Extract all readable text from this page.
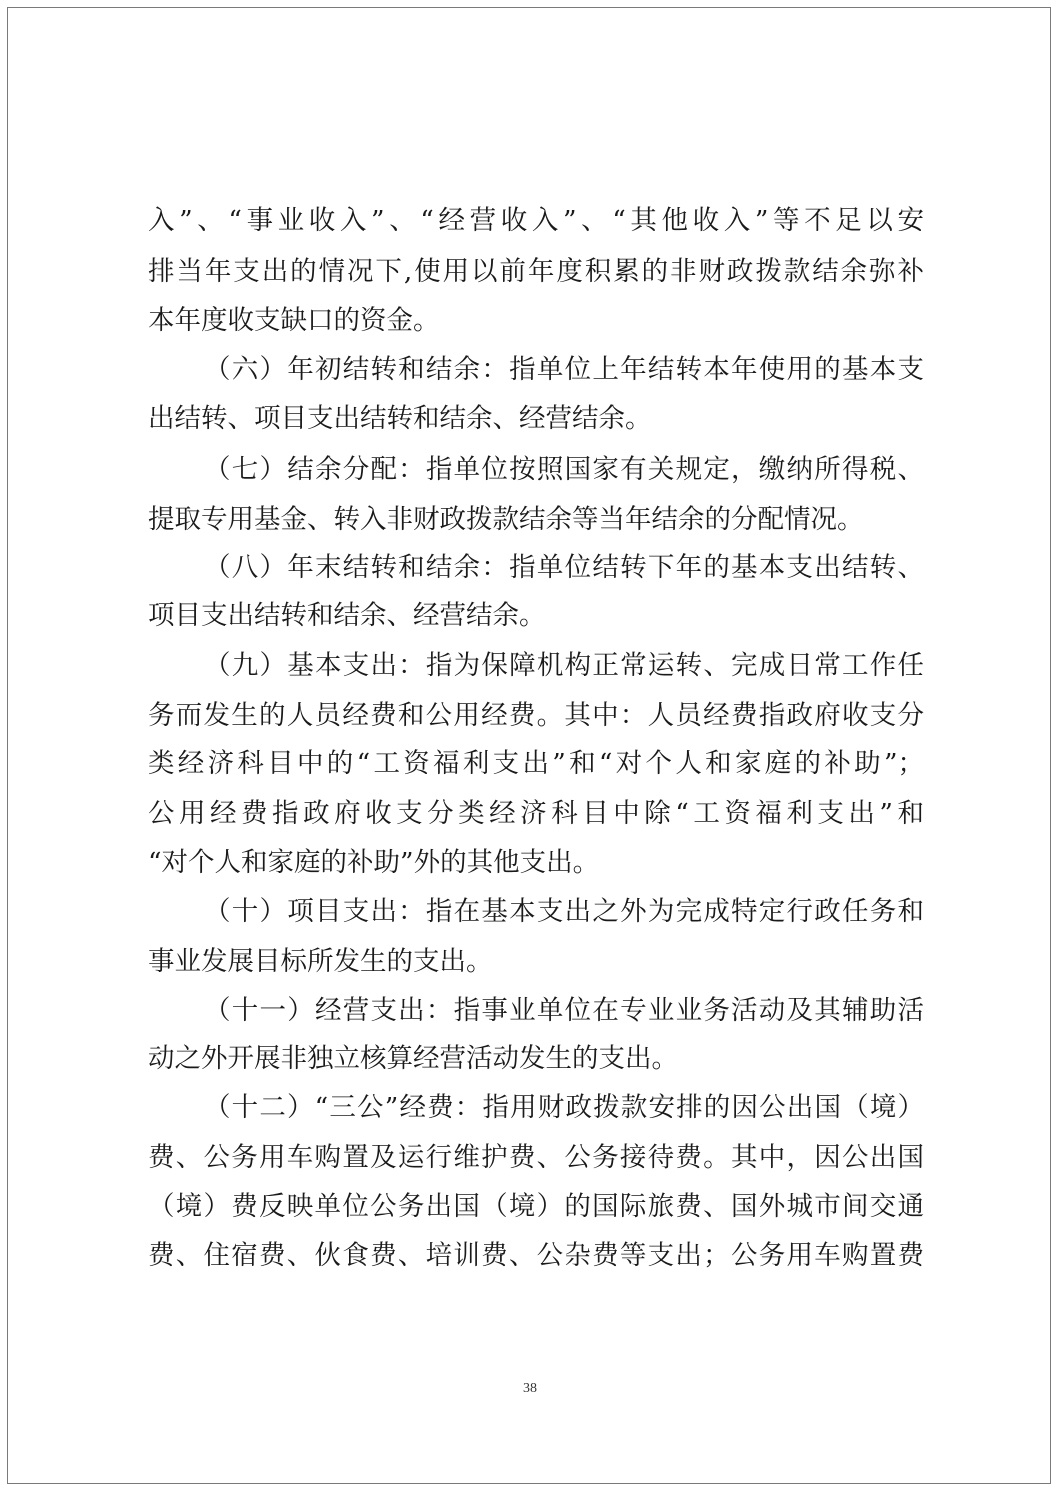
入”、“事业收入”、“经营收入”、“其他收入”等不足以安
排当年支出的情况下,使用以前年度积累的非财政拨款结余弥补
本年度收支缺口的资金。
（六）年初结转和结余：指单位上年结转本年使用的基本支
出结转、项目支出结转和结余、经营结余。
（七）结余分配：指单位按照国家有关规定，缴纳所得税、
提取专用基金、转入非财政拨款结余等当年结余的分配情况。
（八）年末结转和结余：指单位结转下年的基本支出结转、
项目支出结转和结余、经营结余。
（九）基本支出：指为保障机构正常运转、完成日常工作任
务而发生的人员经费和公用经费。其中：人员经费指政府收支分
类经济科目中的“工资福利支出”和“对个人和家庭的补助”；
公用经费指政府收支分类经济科目中除“工资福利支出”和
“对个人和家庭的补助”外的其他支出。
（十）项目支出：指在基本支出之外为完成特定行政任务和
事业发展目标所发生的支出。
（十一）经营支出：指事业单位在专业业务活动及其辅助活
动之外开展非独立核算经营活动发生的支出。
（十二）“三公”经费：指用财政拨款安排的因公出国（境）
费、公务用车购置及运行维护费、公务接待费。其中，因公出国
（境）费反映单位公务出国（境）的国际旅费、国外城市间交通
费、住宿费、伙食费、培训费、公杂费等支出；公务用车购置费
38
